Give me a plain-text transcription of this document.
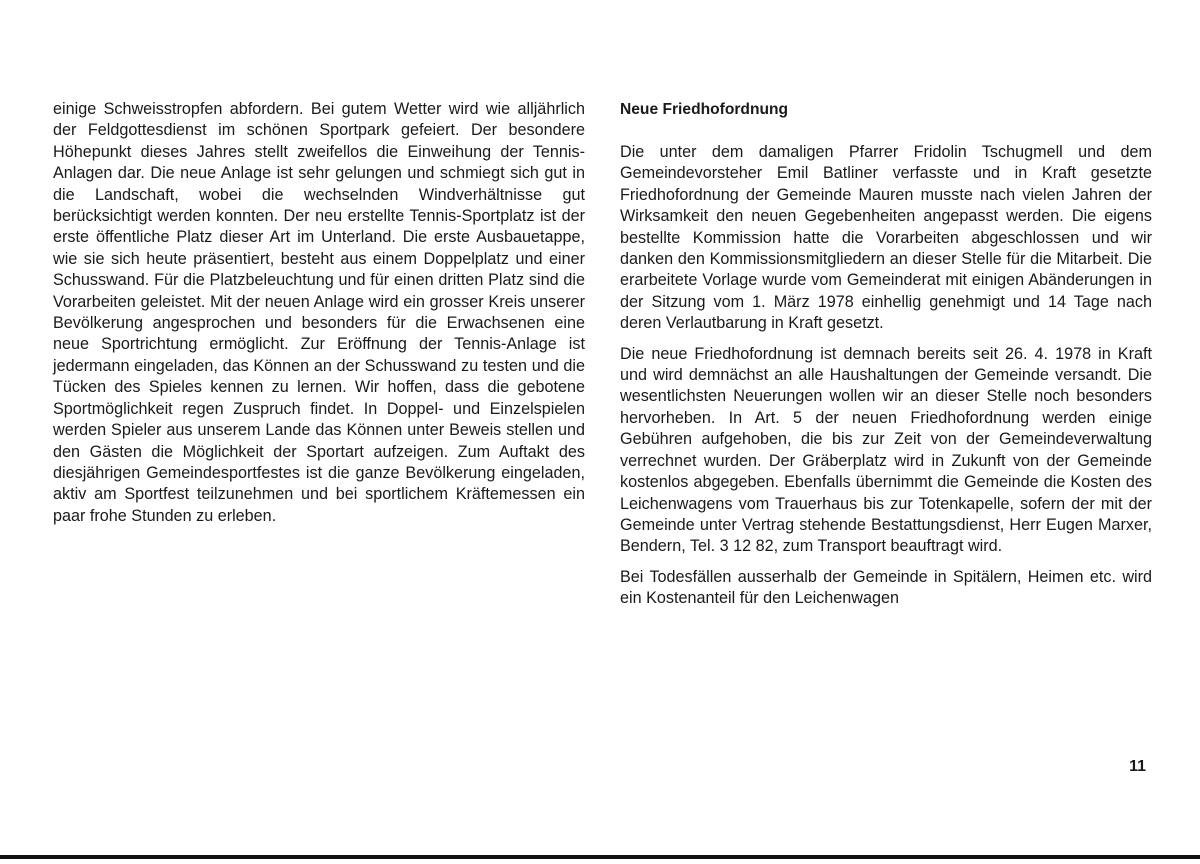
einige Schweisstropfen abfordern. Bei gutem Wetter wird wie alljährlich der Feldgottesdienst im schönen Sportpark gefeiert. Der besondere Höhepunkt dieses Jahres stellt zweifellos die Einweihung der Tennis-Anlagen dar. Die neue Anlage ist sehr gelungen und schmiegt sich gut in die Landschaft, wobei die wechselnden Windverhältnisse gut berücksichtigt werden konnten. Der neu erstellte Tennis-Sportplatz ist der erste öffentliche Platz dieser Art im Unterland. Die erste Ausbauetappe, wie sie sich heute präsentiert, besteht aus einem Doppelplatz und einer Schusswand. Für die Platzbeleuchtung und für einen dritten Platz sind die Vorarbeiten geleistet. Mit der neuen Anlage wird ein grosser Kreis unserer Bevölkerung angesprochen und besonders für die Erwachsenen eine neue Sportrichtung ermöglicht. Zur Eröffnung der Tennis-Anlage ist jedermann eingeladen, das Können an der Schusswand zu testen und die Tücken des Spieles kennen zu lernen. Wir hoffen, dass die gebotene Sportmöglichkeit regen Zuspruch findet. In Doppel- und Einzelspielen werden Spieler aus unserem Lande das Können unter Beweis stellen und den Gästen die Möglichkeit der Sportart aufzeigen. Zum Auftakt des diesjährigen Gemeindesportfestes ist die ganze Bevölkerung eingeladen, aktiv am Sportfest teilzunehmen und bei sportlichem Kräftemessen ein paar frohe Stunden zu erleben.

Neue Friedhofordnung

Die unter dem damaligen Pfarrer Fridolin Tschugmell und dem Gemeindevorsteher Emil Batliner verfasste und in Kraft gesetzte Friedhofordnung der Gemeinde Mauren musste nach vielen Jahren der Wirksamkeit den neuen Gegebenheiten angepasst werden. Die eigens bestellte Kommission hatte die Vorarbeiten abgeschlossen und wir danken den Kommissionsmitgliedern an dieser Stelle für die Mitarbeit. Die erarbeitete Vorlage wurde vom Gemeinderat mit einigen Abänderungen in der Sitzung vom 1. März 1978 einhellig genehmigt und 14 Tage nach deren Verlautbarung in Kraft gesetzt.

Die neue Friedhofordnung ist demnach bereits seit 26. 4. 1978 in Kraft und wird demnächst an alle Haushaltungen der Gemeinde versandt. Die wesentlichsten Neuerungen wollen wir an dieser Stelle noch besonders hervorheben. In Art. 5 der neuen Friedhofordnung werden einige Gebühren aufgehoben, die bis zur Zeit von der Gemeindeverwaltung verrechnet wurden. Der Gräberplatz wird in Zukunft von der Gemeinde kostenlos abgegeben. Ebenfalls übernimmt die Gemeinde die Kosten des Leichenwagens vom Trauerhaus bis zur Totenkapelle, sofern der mit der Gemeinde unter Vertrag stehende Bestattungsdienst, Herr Eugen Marxer, Bendern, Tel. 3 12 82, zum Transport beauftragt wird.

Bei Todesfällen ausserhalb der Gemeinde in Spitälern, Heimen etc. wird ein Kostenanteil für den Leichenwagen

11
